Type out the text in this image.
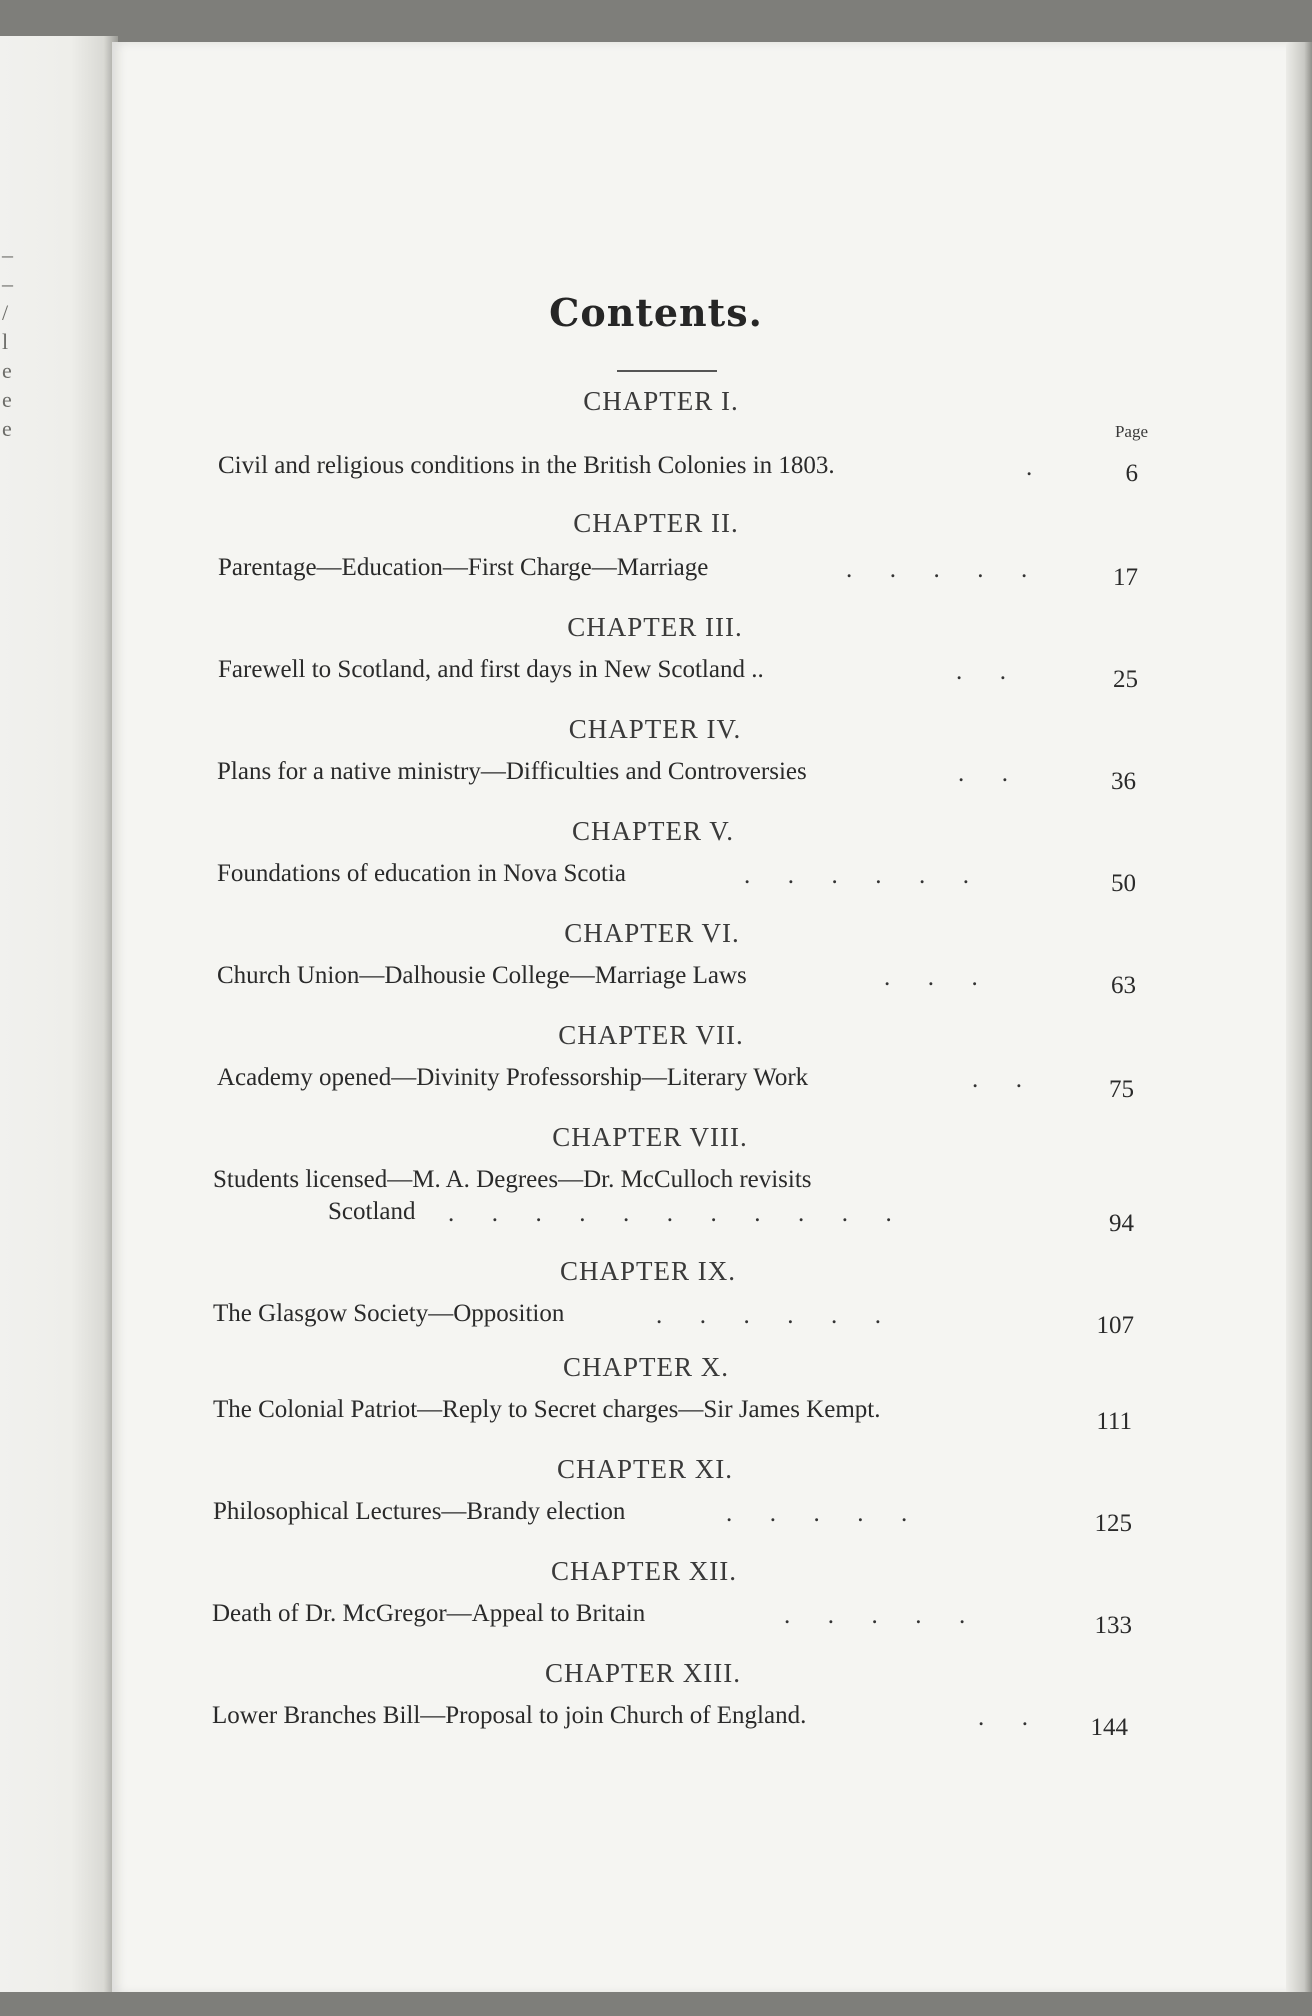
–
–
/
l
e
e
e
Contents.
Page
CHAPTER I.
Civil and religious conditions in the British Colonies in 1803.	.	6
CHAPTER II.
Parentage—Education—First Charge—Marriage	.      .      .      .      .	17
CHAPTER III.
Farewell to Scotland, and first days in New Scotland ..	.      .	25
CHAPTER IV.
Plans for a native ministry—Difficulties and Controversies	.      .	36
CHAPTER V.
Foundations of education in Nova Scotia	.      .      .      .      .      .	50
CHAPTER VI.
Church Union—Dalhousie College—Marriage Laws	.      .      .	63
CHAPTER VII.
Academy opened—Divinity Professorship—Literary Work	.      .	75
CHAPTER VIII.
Students licensed—M. A. Degrees—Dr. McCulloch revisits
Scotland .      .      .      .      .      .      .      .      .      .      .	94
CHAPTER IX.
The Glasgow Society—Opposition	.      .      .      .      .      .	107
CHAPTER X.
The Colonial Patriot—Reply to Secret charges—Sir James Kempt.	111
CHAPTER XI.
Philosophical Lectures—Brandy election	.      .      .      .      .	125
CHAPTER XII.
Death of Dr. McGregor—Appeal to Britain	.      .      .      .      .	133
CHAPTER XIII.
Lower Branches Bill—Proposal to join Church of England.	.      .	144
